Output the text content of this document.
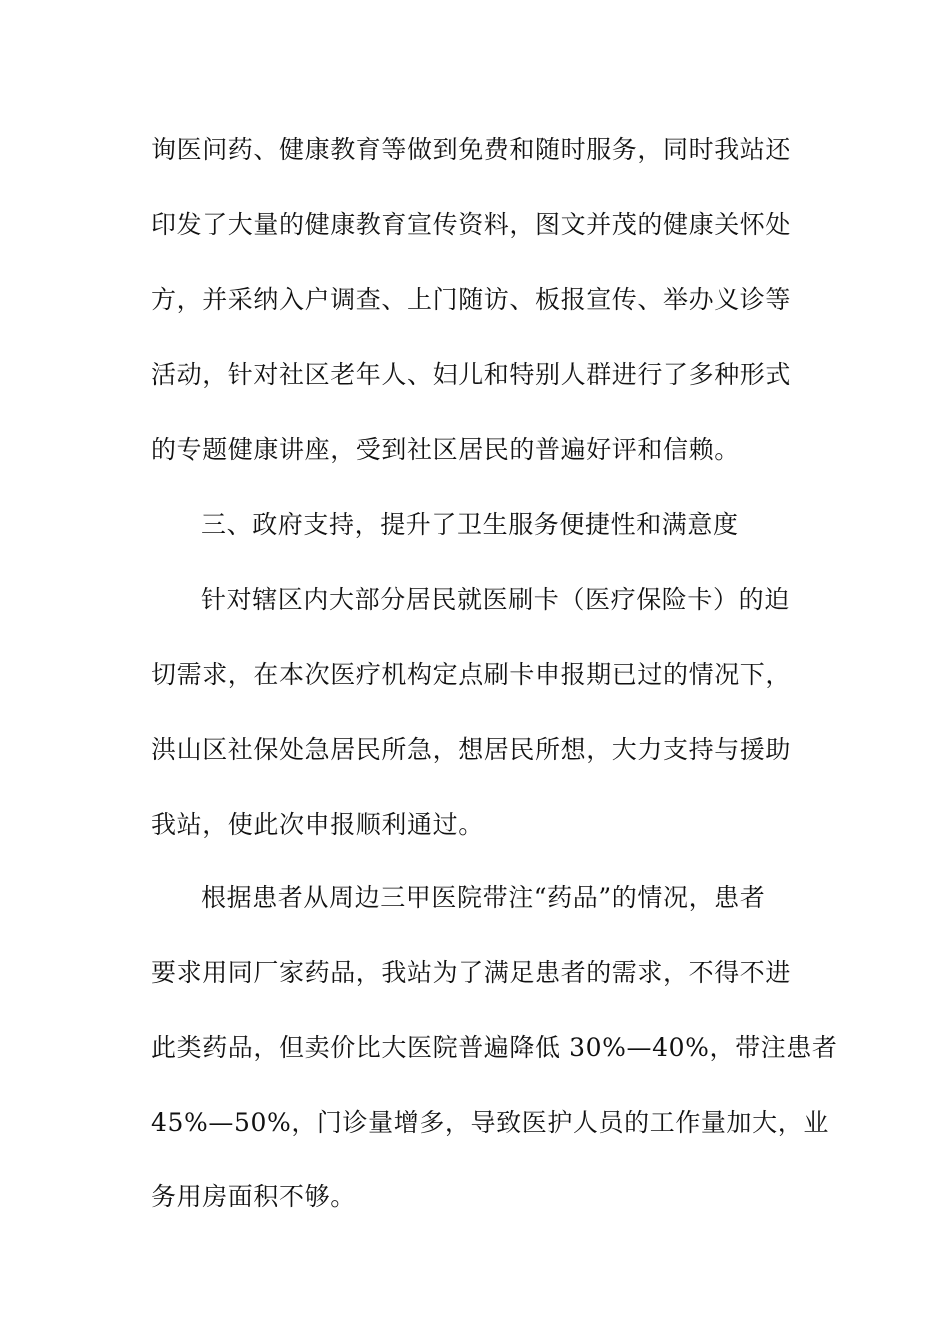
询医问药、健康教育等做到免费和随时服务，同时我站还
印发了大量的健康教育宣传资料，图文并茂的健康关怀处
方，并采纳入户调查、上门随访、板报宣传、举办义诊等
活动，针对社区老年人、妇儿和特别人群进行了多种形式
的专题健康讲座，受到社区居民的普遍好评和信赖。
三、政府支持，提升了卫生服务便捷性和满意度
针对辖区内大部分居民就医刷卡（医疗保险卡）的迫
切需求，在本次医疗机构定点刷卡申报期已过的情况下，
洪山区社保处急居民所急，想居民所想，大力支持与援助
我站，使此次申报顺利通过。
根据患者从周边三甲医院带注“药品”的情况，患者
要求用同厂家药品，我站为了满足患者的需求，不得不进
此类药品，但卖价比大医院普遍降低 30%—40%，带注患者
45%—50%，门诊量增多，导致医护人员的工作量加大，业
务用房面积不够。
